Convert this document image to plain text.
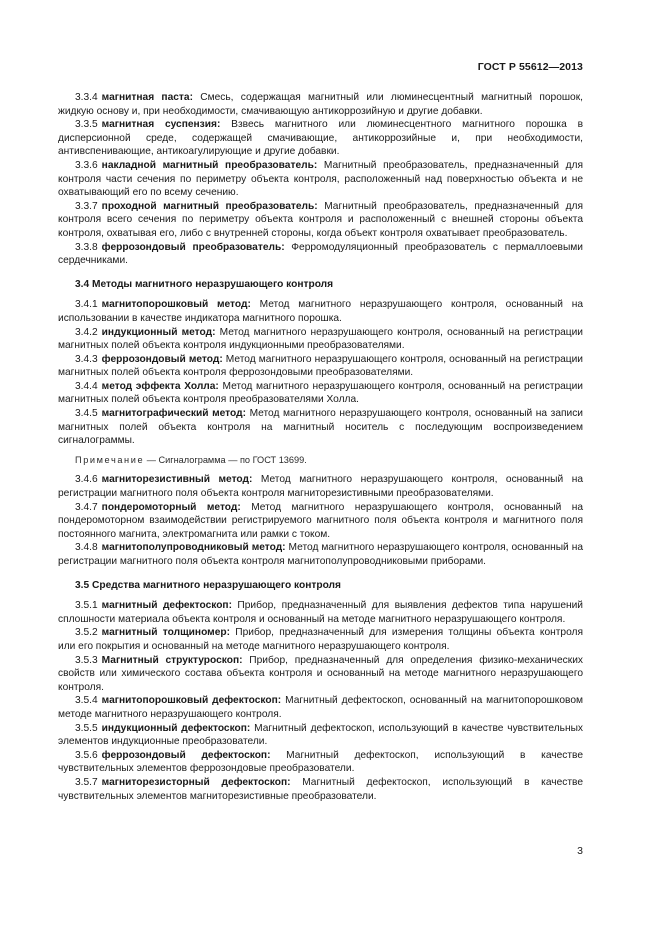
ГОСТ Р 55612—2013

3.3.4 магнитная паста: Смесь, содержащая магнитный или люминесцентный магнитный порошок, жидкую основу и, при необходимости, смачивающую антикоррозийную и другие добавки.

3.3.5 магнитная суспензия: Взвесь магнитного или люминесцентного магнитного порошка в дисперсионной среде, содержащей смачивающие, антикоррозийные и, при необходимости, антивспенивающие, антикоагулирующие и другие добавки.

3.3.6 накладной магнитный преобразователь: Магнитный преобразователь, предназначенный для контроля части сечения по периметру объекта контроля, расположенный над поверхностью объекта и не охватывающий его по всему сечению.

3.3.7 проходной магнитный преобразователь: Магнитный преобразователь, предназначенный для контроля всего сечения по периметру объекта контроля и расположенный с внешней стороны объекта контроля, охватывая его, либо с внутренней стороны, когда объект контроля охватывает преобразователь.

3.3.8 феррозондовый преобразователь: Ферромодуляционный преобразователь с пермаллоевыми сердечниками.

3.4 Методы магнитного неразрушающего контроля

3.4.1 магнитопорошковый метод: Метод магнитного неразрушающего контроля, основанный на использовании в качестве индикатора магнитного порошка.

3.4.2 индукционный метод: Метод магнитного неразрушающего контроля, основанный на регистрации магнитных полей объекта контроля индукционными преобразователями.

3.4.3 феррозондовый метод: Метод магнитного неразрушающего контроля, основанный на регистрации магнитных полей объекта контроля феррозондовыми преобразователями.

3.4.4 метод эффекта Холла: Метод магнитного неразрушающего контроля, основанный на регистрации магнитных полей объекта контроля преобразователями Холла.

3.4.5 магнитографический метод: Метод магнитного неразрушающего контроля, основанный на записи магнитных полей объекта контроля на магнитный носитель с последующим воспроизведением сигналограммы.

Примечание — Сигналограмма — по ГОСТ 13699.

3.4.6 магниторезистивный метод: Метод магнитного неразрушающего контроля, основанный на регистрации магнитного поля объекта контроля магниторезистивными преобразователями.

3.4.7 пондеромоторный метод: Метод магнитного неразрушающего контроля, основанный на пондеромоторном взаимодействии регистрируемого магнитного поля объекта контроля и магнитного поля постоянного магнита, электромагнита или рамки с током.

3.4.8 магнитополупроводниковый метод: Метод магнитного неразрушающего контроля, основанный на регистрации магнитного поля объекта контроля магнитополупроводниковыми приборами.

3.5 Средства магнитного неразрушающего контроля

3.5.1 магнитный дефектоскоп: Прибор, предназначенный для выявления дефектов типа нарушений сплошности материала объекта контроля и основанный на методе магнитного неразрушающего контроля.

3.5.2 магнитный толщиномер: Прибор, предназначенный для измерения толщины объекта контроля или его покрытия и основанный на методе магнитного неразрушающего контроля.

3.5.3 Магнитный структуроскоп: Прибор, предназначенный для определения физико-механических свойств или химического состава объекта контроля и основанный на методе магнитного неразрушающего контроля.

3.5.4 магнитопорошковый дефектоскоп: Магнитный дефектоскоп, основанный на магнитопорошковом методе магнитного неразрушающего контроля.

3.5.5 индукционный дефектоскоп: Магнитный дефектоскоп, использующий в качестве чувствительных элементов индукционные преобразователи.

3.5.6 феррозондовый дефектоскоп: Магнитный дефектоскоп, использующий в качестве чувствительных элементов феррозондовые преобразователи.

3.5.7 магниторезисторный дефектоскоп: Магнитный дефектоскоп, использующий в качестве чувствительных элементов магниторезистивные преобразователи.

3
